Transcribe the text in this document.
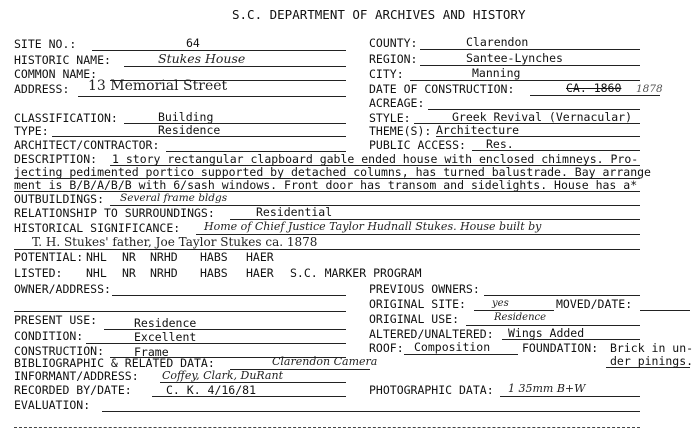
S.C. DEPARTMENT OF ARCHIVES AND HISTORY
SITE NO.:	64
HISTORIC NAME:	Stukes House
COMMON NAME:
ADDRESS: 13 Memorial Street
COUNTY:	Clarendon
REGION:	Santee-Lynches
CITY:	Manning
DATE OF CONSTRUCTION:	CA. 1860 1878
ACREAGE:
CLASSIFICATION:	Building
TYPE:	Residence
ARCHITECT/CONTRACTOR:
STYLE:	Greek Revival (Vernacular)
THEME(S): Architecture
PUBLIC ACCESS: Res.
DESCRIPTION: 1 story rectangular clapboard gable ended house with enclosed chimneys. Pro-
jecting pedimented portico supported by detached columns, has turned balustrade. Bay arrange
ment is B/B/A/B/B with 6/sash windows. Front door has transom and sidelights. House has a*
OUTBUILDINGS: Several frame bldgs
RELATIONSHIP TO SURROUNDINGS:	Residential
HISTORICAL SIGNIFICANCE: Home of Chief Justice Taylor Hudnall Stukes. House built by
T. H. Stukes' father, Joe Taylor Stukes ca. 1878
POTENTIAL: NHL NR NRHD HABS HAER
LISTED: NHL NR NRHD HABS HAER S.C. MARKER PROGRAM
OWNER/ADDRESS:	PREVIOUS OWNERS:
ORIGINAL SITE:	yes	MOVED/DATE:
ORIGINAL USE:	Residence
PRESENT USE:	Residence
CONDITION:	Excellent
CONSTRUCTION:	Frame
ALTERED/UNALTERED: Wings Added
ROOF: Composition	FOUNDATION: Brick in un-
der pinings.
BIBLIOGRAPHIC & RELATED DATA:	Clarendon Camera
INFORMANT/ADDRESS: Coffey, Clark, DuRant
RECORDED BY/DATE:	C. K. 4/16/81	PHOTOGRAPHIC DATA: 1 35mm B+W
EVALUATION:
